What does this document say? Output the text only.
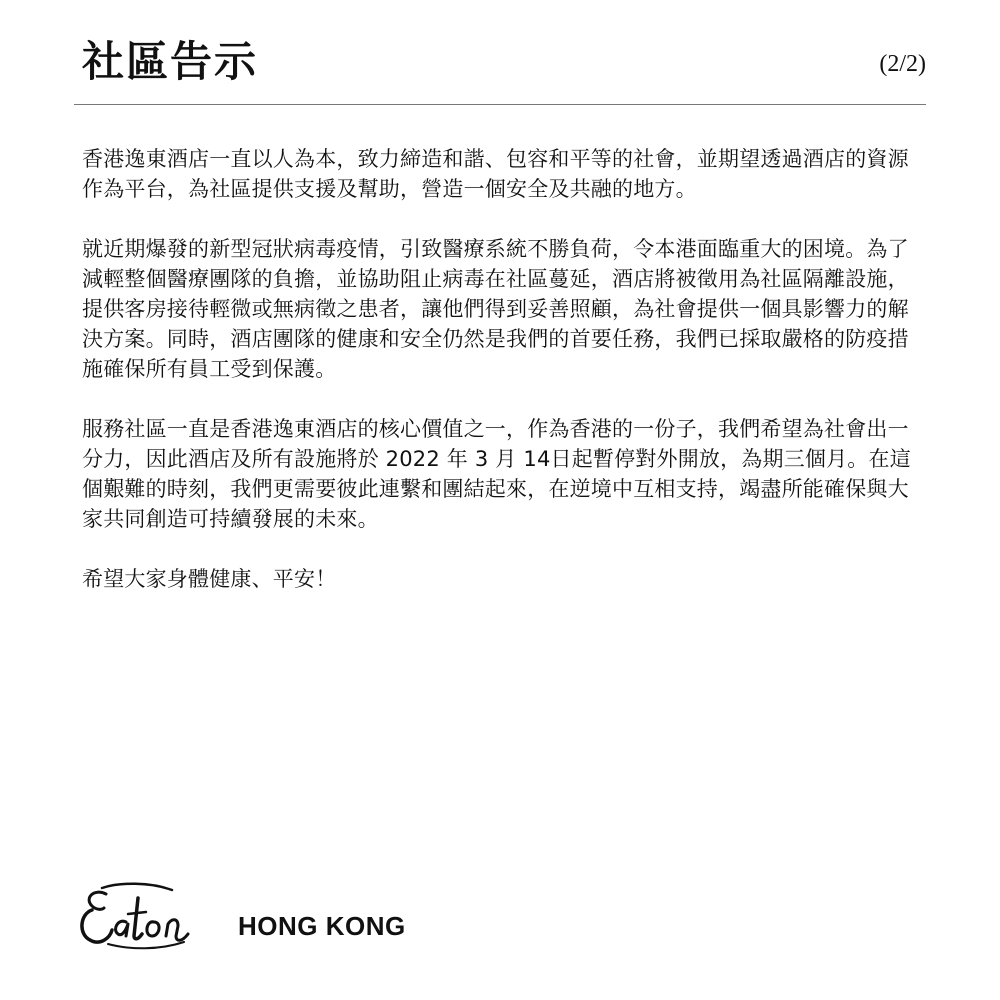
社區告示	(2/2)

香港逸東酒店一直以人為本，致力締造和諧、包容和平等的社會，並期望透過酒店的資源作為平台，為社區提供支援及幫助，營造一個安全及共融的地方。

就近期爆發的新型冠狀病毒疫情，引致醫療系統不勝負荷，令本港面臨重大的困境。為了減輕整個醫療團隊的負擔，並協助阻止病毒在社區蔓延，酒店將被徵用為社區隔離設施，提供客房接待輕微或無病徵之患者，讓他們得到妥善照顧，為社會提供一個具影響力的解決方案。同時，酒店團隊的健康和安全仍然是我們的首要任務，我們已採取嚴格的防疫措施確保所有員工受到保護。

服務社區一直是香港逸東酒店的核心價值之一，作為香港的一份子，我們希望為社會出一分力，因此酒店及所有設施將於 2022 年 3 月 14日起暫停對外開放，為期三個月。在這個艱難的時刻，我們更需要彼此連繫和團結起來，在逆境中互相支持，竭盡所能確保與大家共同創造可持續發展的未來。

希望大家身體健康、平安！

HONG KONG
